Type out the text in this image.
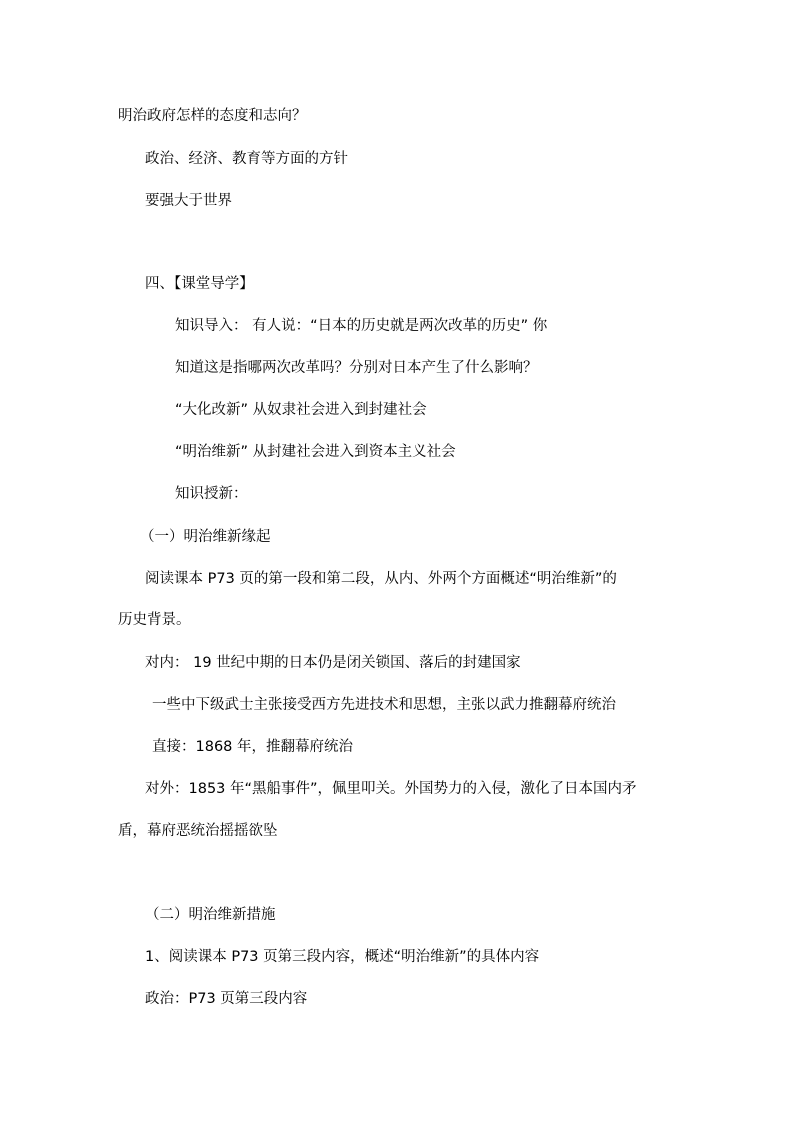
明治政府怎样的态度和志向？

政治、经济、教育等方面的方针

要强大于世界

四、【课堂导学】

知识导入： 有人说：“日本的历史就是两次改革的历史” 你

知道这是指哪两次改革吗？分别对日本产生了什么影响？

“大化改新” 从奴隶社会进入到封建社会

“明治维新” 从封建社会进入到资本主义社会

知识授新：

（一）明治维新缘起

阅读课本 P73 页的第一段和第二段，从内、外两个方面概述“明治维新”的

历史背景。

对内： 19 世纪中期的日本仍是闭关锁国、落后的封建国家

一些中下级武士主张接受西方先进技术和思想，主张以武力推翻幕府统治

直接：1868 年，推翻幕府统治

对外：1853 年“黑船事件”，佩里叩关。外国势力的入侵，激化了日本国内矛

盾，幕府恶统治摇摇欲坠

（二）明治维新措施

1、阅读课本 P73 页第三段内容，概述“明治维新”的具体内容

政治：P73 页第三段内容
